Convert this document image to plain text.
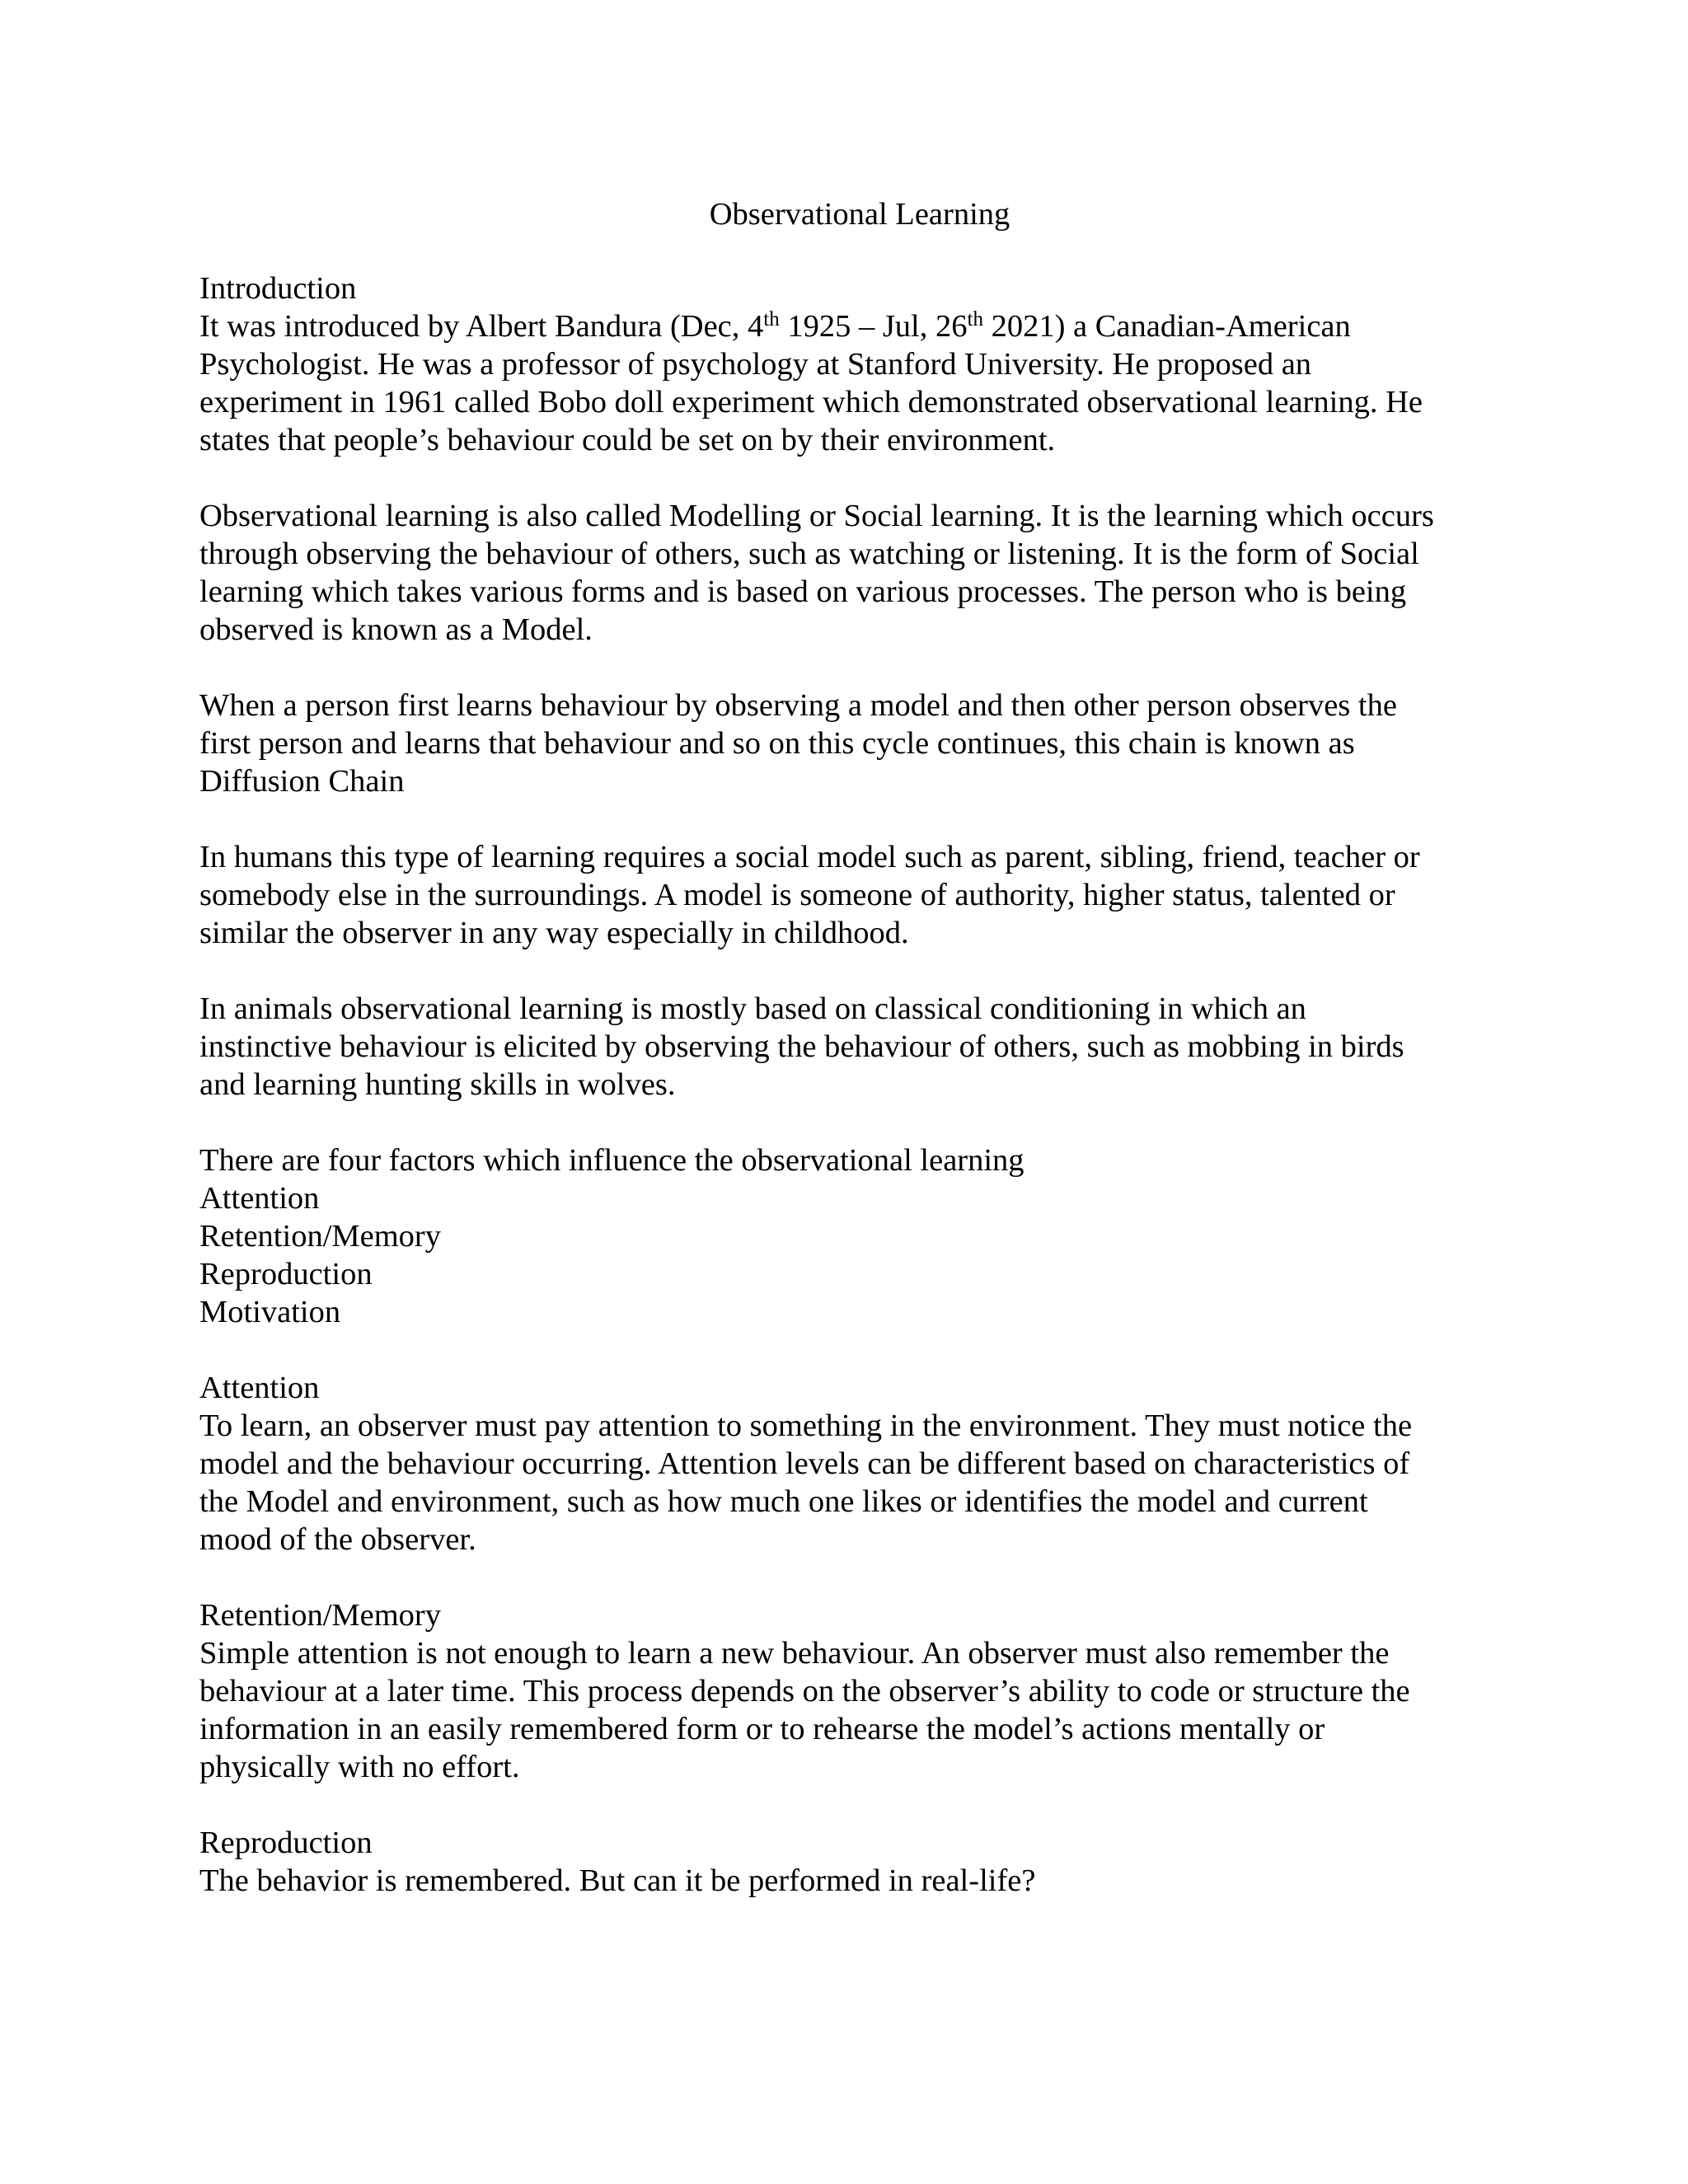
Observational Learning
Introduction

It was introduced by Albert Bandura (Dec, 4th 1925 – Jul, 26th 2021) a Canadian-American
Psychologist. He was a professor of psychology at Stanford University. He proposed an
experiment in 1961 called Bobo doll experiment which demonstrated observational learning. He
states that people’s behaviour could be set on by their environment.

Observational learning is also called Modelling or Social learning. It is the learning which occurs
through observing the behaviour of others, such as watching or listening. It is the form of Social
learning which takes various forms and is based on various processes. The person who is being
observed is known as a Model.

When a person first learns behaviour by observing a model and then other person observes the
first person and learns that behaviour and so on this cycle continues, this chain is known as
Diffusion Chain

In humans this type of learning requires a social model such as parent, sibling, friend, teacher or
somebody else in the surroundings. A model is someone of authority, higher status, talented or
similar the observer in any way especially in childhood.

In animals observational learning is mostly based on classical conditioning in which an
instinctive behaviour is elicited by observing the behaviour of others, such as mobbing in birds
and learning hunting skills in wolves.

There are four factors which influence the observational learning

Attention
Retention/Memory
Reproduction
Motivation
Attention

To learn, an observer must pay attention to something in the environment. They must notice the
model and the behaviour occurring. Attention levels can be different based on characteristics of
the Model and environment, such as how much one likes or identifies the model and current
mood of the observer.

Retention/Memory

Simple attention is not enough to learn a new behaviour. An observer must also remember the
behaviour at a later time. This process depends on the observer’s ability to code or structure the
information in an easily remembered form or to rehearse the model’s actions mentally or
physically with no effort.

Reproduction

The behavior is remembered. But can it be performed in real-life?
